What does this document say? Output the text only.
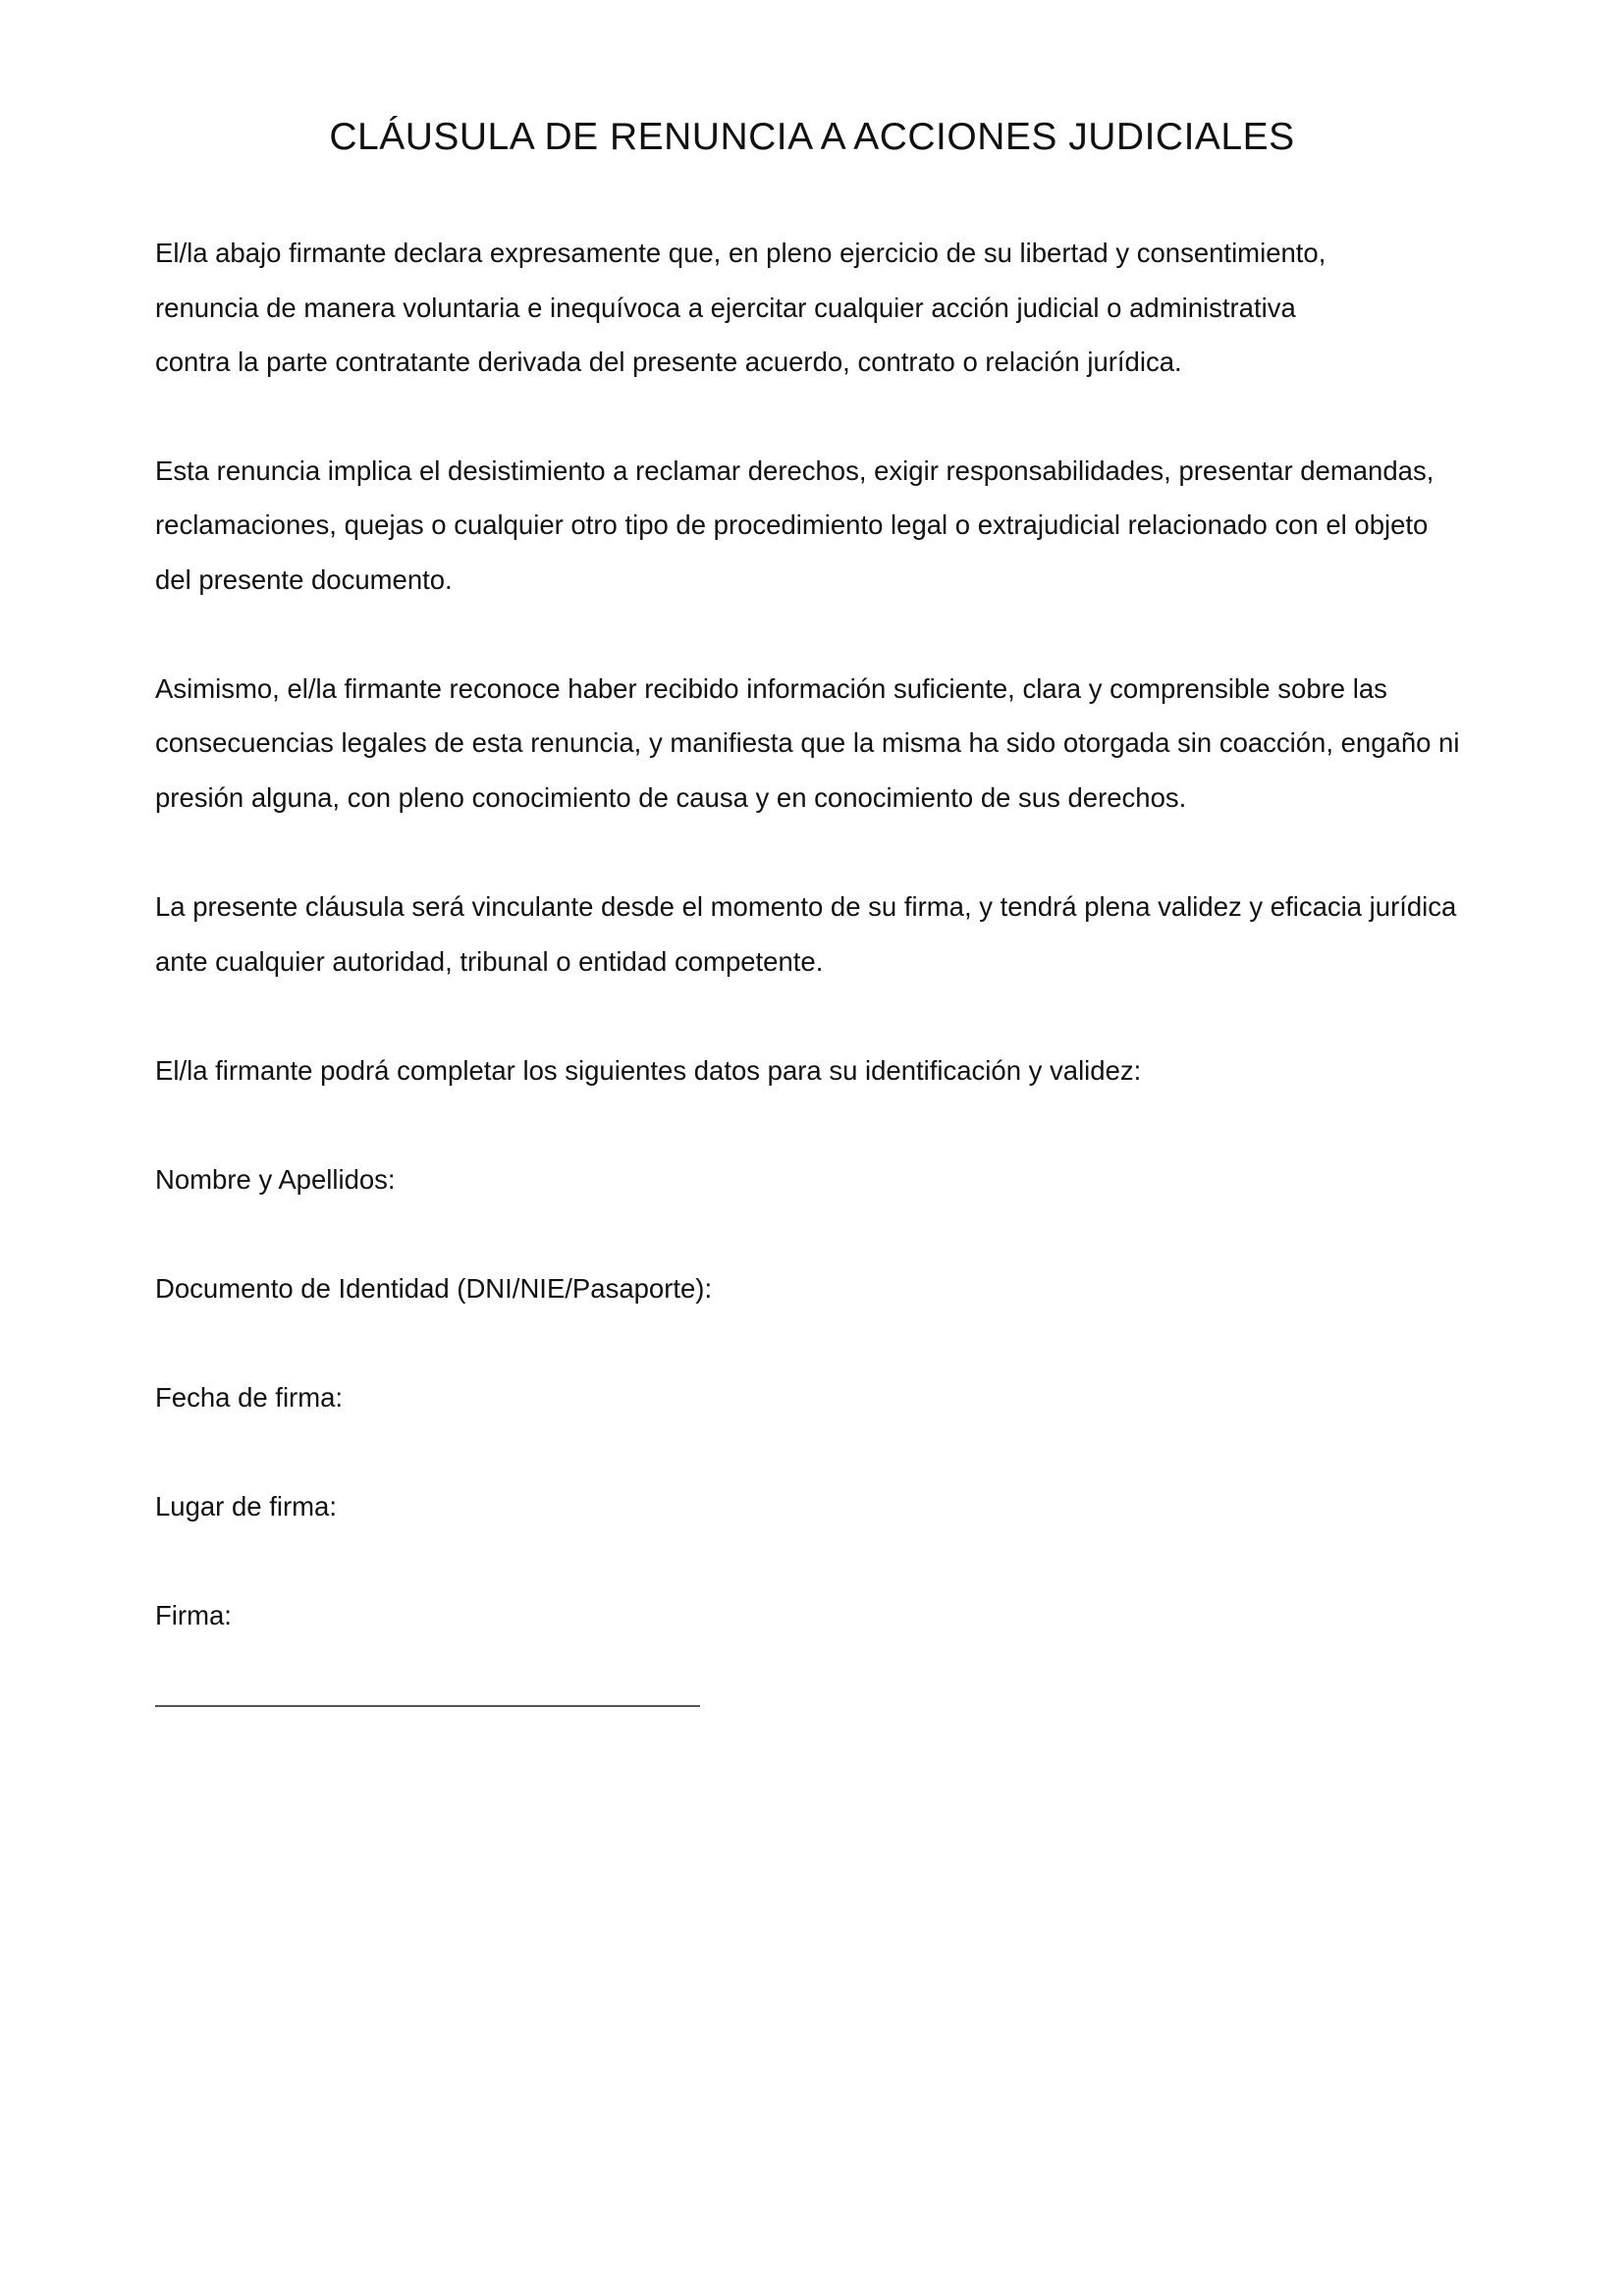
CLÁUSULA DE RENUNCIA A ACCIONES JUDICIALES

El/la abajo firmante declara expresamente que, en pleno ejercicio de su libertad y consentimiento,

renuncia de manera voluntaria e inequívoca a ejercitar cualquier acción judicial o administrativa

contra la parte contratante derivada del presente acuerdo, contrato o relación jurídica.

Esta renuncia implica el desistimiento a reclamar derechos, exigir responsabilidades, presentar demandas,

reclamaciones, quejas o cualquier otro tipo de procedimiento legal o extrajudicial relacionado con el objeto

del presente documento.

Asimismo, el/la firmante reconoce haber recibido información suficiente, clara y comprensible sobre las

consecuencias legales de esta renuncia, y manifiesta que la misma ha sido otorgada sin coacción, engaño ni

presión alguna, con pleno conocimiento de causa y en conocimiento de sus derechos.

La presente cláusula será vinculante desde el momento de su firma, y tendrá plena validez y eficacia jurídica

ante cualquier autoridad, tribunal o entidad competente.

El/la firmante podrá completar los siguientes datos para su identificación y validez:

Nombre y Apellidos:

Documento de Identidad (DNI/NIE/Pasaporte):

Fecha de firma:

Lugar de firma:

Firma:
